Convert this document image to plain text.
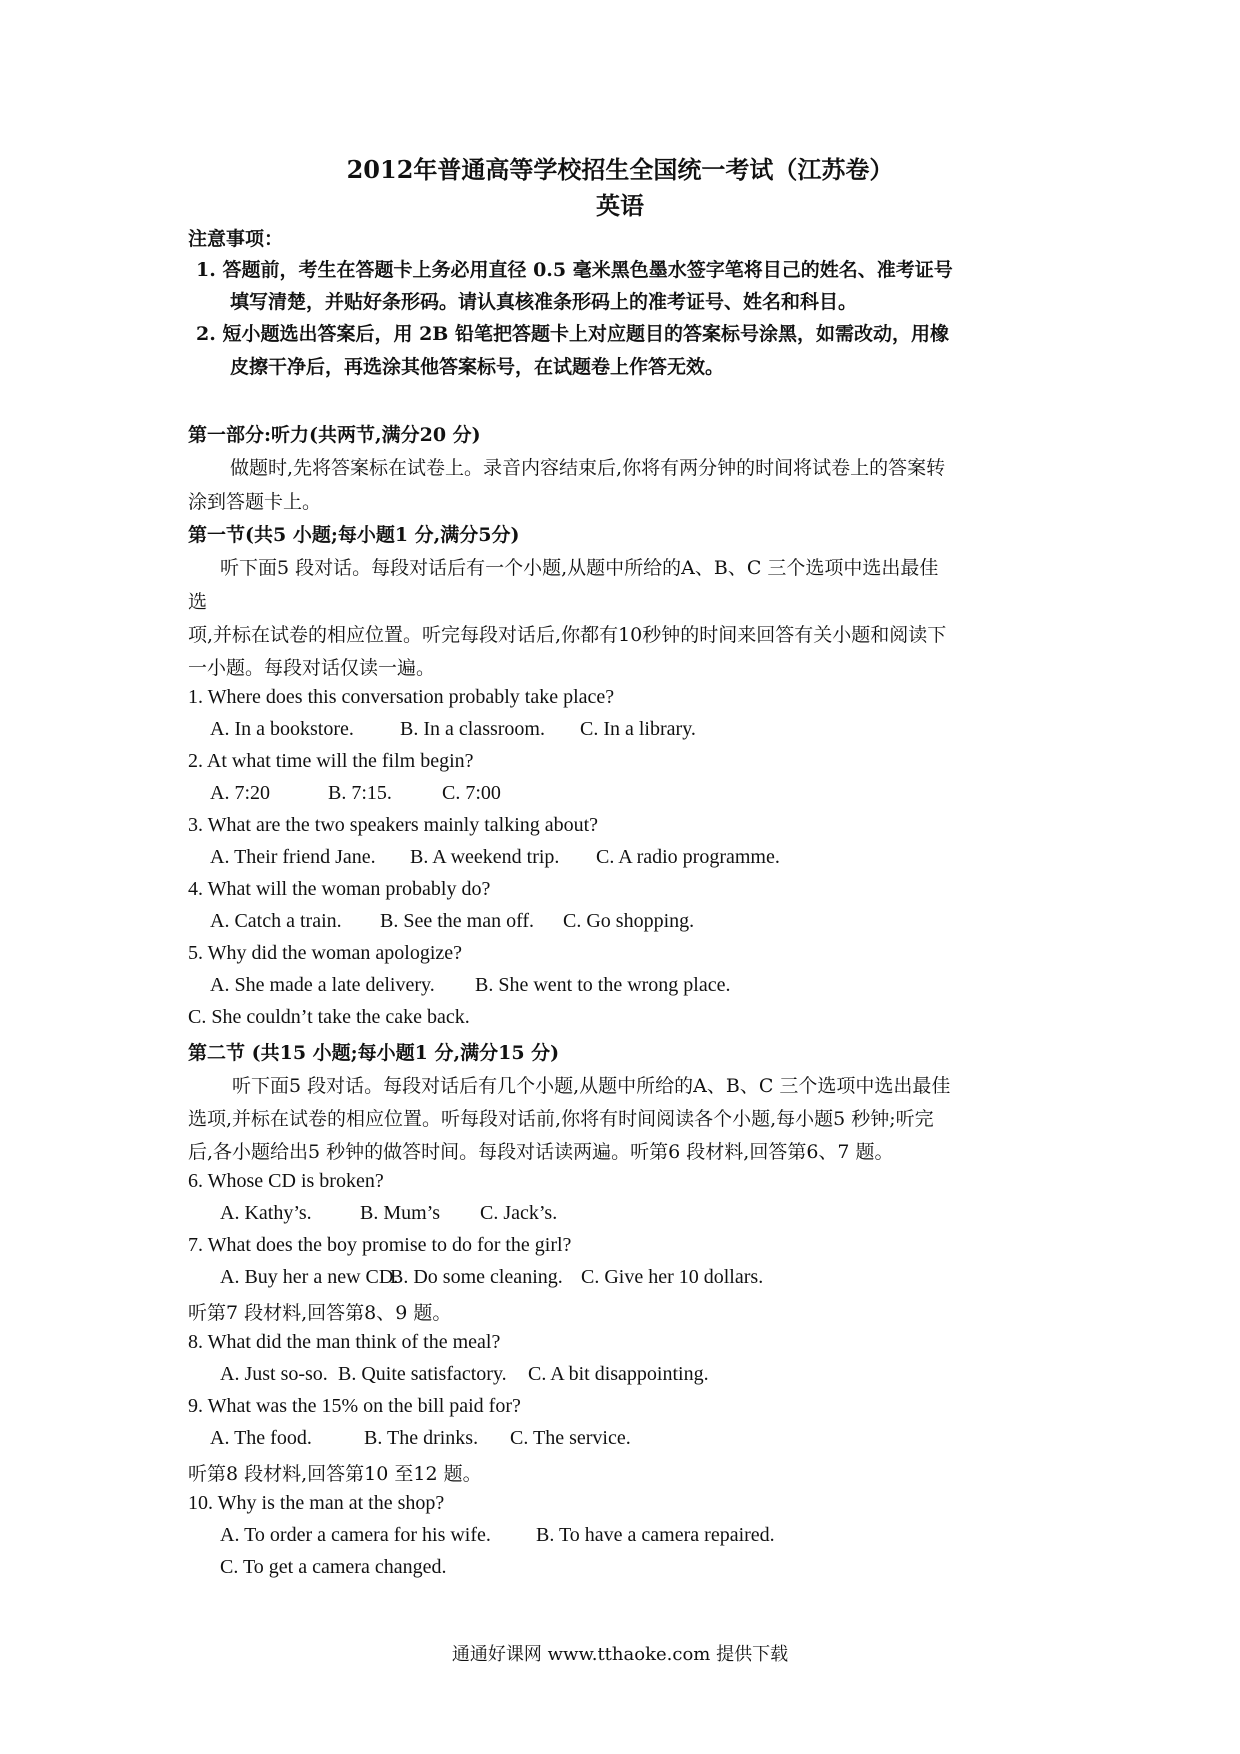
2012年普通高等学校招生全国统一考试（江苏卷）
英语
注意事项：
1. 答题前，考生在答题卡上务必用直径 0.5 毫米黑色墨水签字笔将目己的姓名、准考证号
填写清楚，并贴好条形码。请认真核准条形码上的准考证号、姓名和科目。
2. 短小题选出答案后，用 2B 铅笔把答题卡上对应题目的答案标号涂黑，如需改动，用橡
皮擦干净后，再选涂其他答案标号，在试题卷上作答无效。
第一部分:听力(共两节,满分20 分)
做题时,先将答案标在试卷上。录音内容结束后,你将有两分钟的时间将试卷上的答案转
涂到答题卡上。
第一节(共5 小题;每小题1 分,满分5分)
听下面5 段对话。每段对话后有一个小题,从题中所给的A、B、C 三个选项中选出最佳
选
项,并标在试卷的相应位置。听完每段对话后,你都有10秒钟的时间来回答有关小题和阅读下
一小题。每段对话仅读一遍。
1. Where does this conversation probably take place?
A. In a bookstore. B. In a classroom. C. In a library.
2. At what time will the film begin?
A. 7:20	B. 7:15.	C. 7:00
3. What are the two speakers mainly talking about?
A. Their friend Jane. B. A weekend trip. C. A radio programme.
4. What will the woman probably do?
A. Catch a train. B. See the man off. C. Go shopping.
5. Why did the woman apologize?
A. She made a late delivery. B. She went to the wrong place.
C. She couldn’t take the cake back.
第二节 (共15 小题;每小题1 分,满分15 分)
听下面5 段对话。每段对话后有几个小题,从题中所给的A、B、C 三个选项中选出最佳
选项,并标在试卷的相应位置。听每段对话前,你将有时间阅读各个小题,每小题5 秒钟;听完
后,各小题给出5 秒钟的做答时间。每段对话读两遍。听第6 段材料,回答第6、7 题。
6. Whose CD is broken?
A. Kathy’s. B. Mum’s C. Jack’s.
7. What does the boy promise to do for the girl?
A. Buy her a new CD.B. Do some cleaning. C. Give her 10 dollars.
听第7 段材料,回答第8、9 题。
8. What did the man think of the meal?
A. Just so-so. B. Quite satisfactory. C. A bit disappointing.
9. What was the 15% on the bill paid for?
A. The food.	B. The drinks. C. The service.
听第8 段材料,回答第10 至12 题。
10. Why is the man at the shop?
A. To order a camera for his wife. B. To have a camera repaired.
C. To get a camera changed.
通通好课网 www.tthaoke.com 提供下载
